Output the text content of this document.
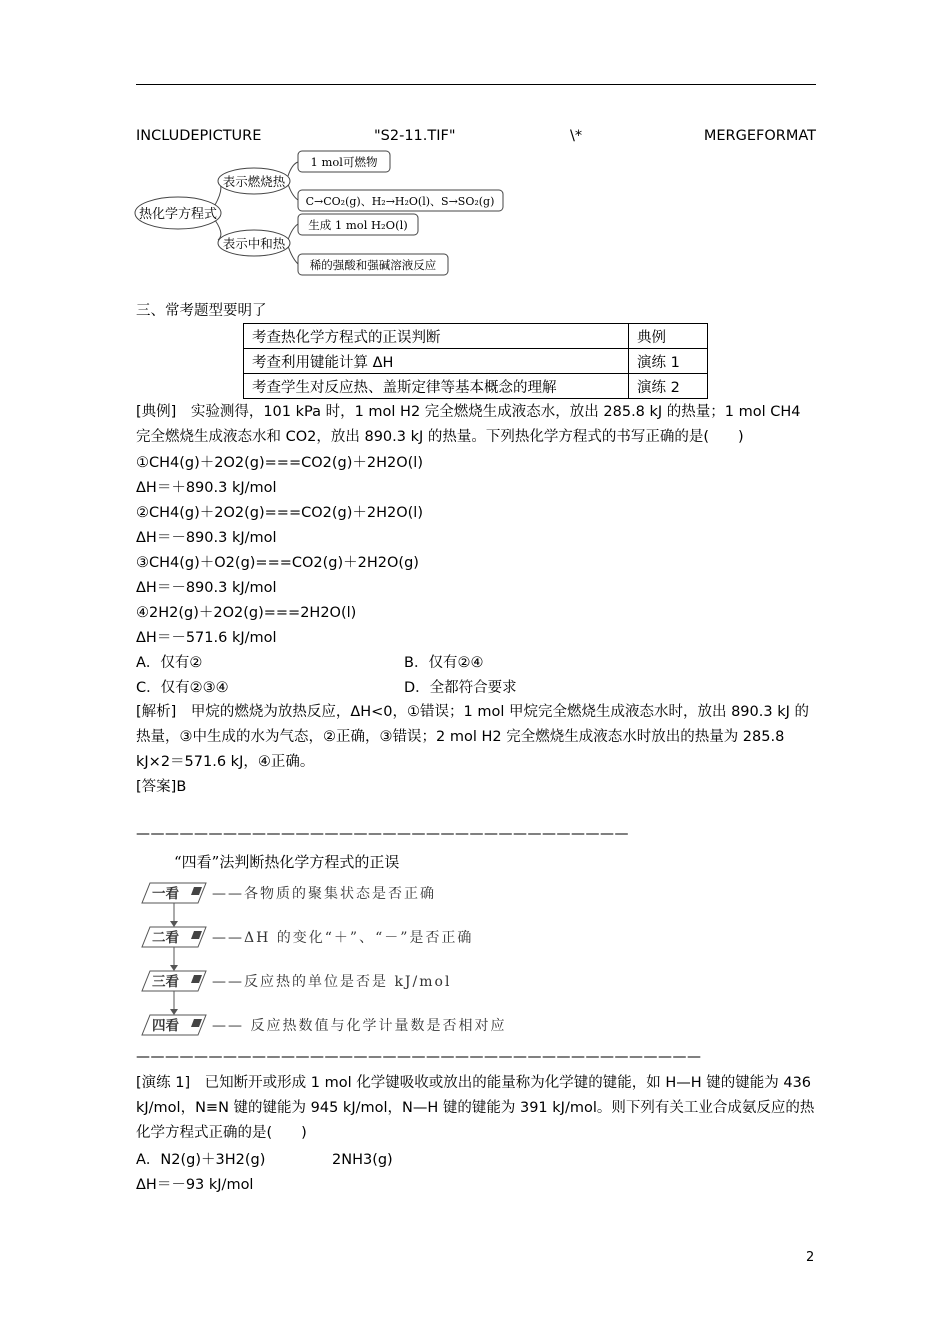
INCLUDEPICTURE	"S2-11.TIF"	\*	MERGEFORMAT
热化学方程式
表示燃烧热
表示中和热
1 mol可燃物
C→CO₂(g)、H₂→H₂O(l)、S→SO₂(g)
生成 1 mol H₂O(l)
稀的强酸和强碱溶液反应
三、常考题型要明了
考查热化学方程式的正误判断	典例
考查利用键能计算 ΔH	演练 1
考查学生对反应热、盖斯定律等基本概念的理解	演练 2
[典例]　实验测得，101 kPa 时，1 mol H2 完全燃烧生成液态水，放出 285.8 kJ 的热量；1 mol CH4 完全燃烧生成液态水和 CO2，放出 890.3 kJ 的热量。下列热化学方程式的书写正确的是(　　)
①CH4(g)＋2O2(g)===CO2(g)＋2H2O(l)
ΔH＝＋890.3 kJ/mol
②CH4(g)＋2O2(g)===CO2(g)＋2H2O(l)
ΔH＝－890.3 kJ/mol
③CH4(g)＋O2(g)===CO2(g)＋2H2O(g)
ΔH＝－890.3 kJ/mol
④2H2(g)＋2O2(g)===2H2O(l)
ΔH＝－571.6 kJ/mol
A．仅有②	B．仅有②④
C．仅有②③④	D．全都符合要求
[解析]　甲烷的燃烧为放热反应，ΔH<0，①错误；1 mol 甲烷完全燃烧生成液态水时，放出 890.3 kJ 的热量，③中生成的水为气态，②正确，③错误；2 mol H2 完全燃烧生成液态水时放出的热量为 285.8 kJ×2＝571.6 kJ，④正确。
[答案]B
——————————————————————————————————
“四看”法判断热化学方程式的正误
一看
二看
三看
四看
——各物质的聚集状态是否正确
——ΔH 的变化“＋”、“－”是否正确
——反应热的单位是否是 kJ/mol
—— 反应热数值与化学计量数是否相对应
———————————————————————————————————————
[演练 1]　已知断开或形成 1 mol 化学键吸收或放出的能量称为化学键的键能，如 H—H 键的键能为 436 kJ/mol，N≡N 键的键能为 945 kJ/mol，N—H 键的键能为 391 kJ/mol。则下列有关工业合成氨反应的热化学方程式正确的是(　　)
A．N2(g)＋3H2(g)	2NH3(g)
ΔH＝－93 kJ/mol
2
